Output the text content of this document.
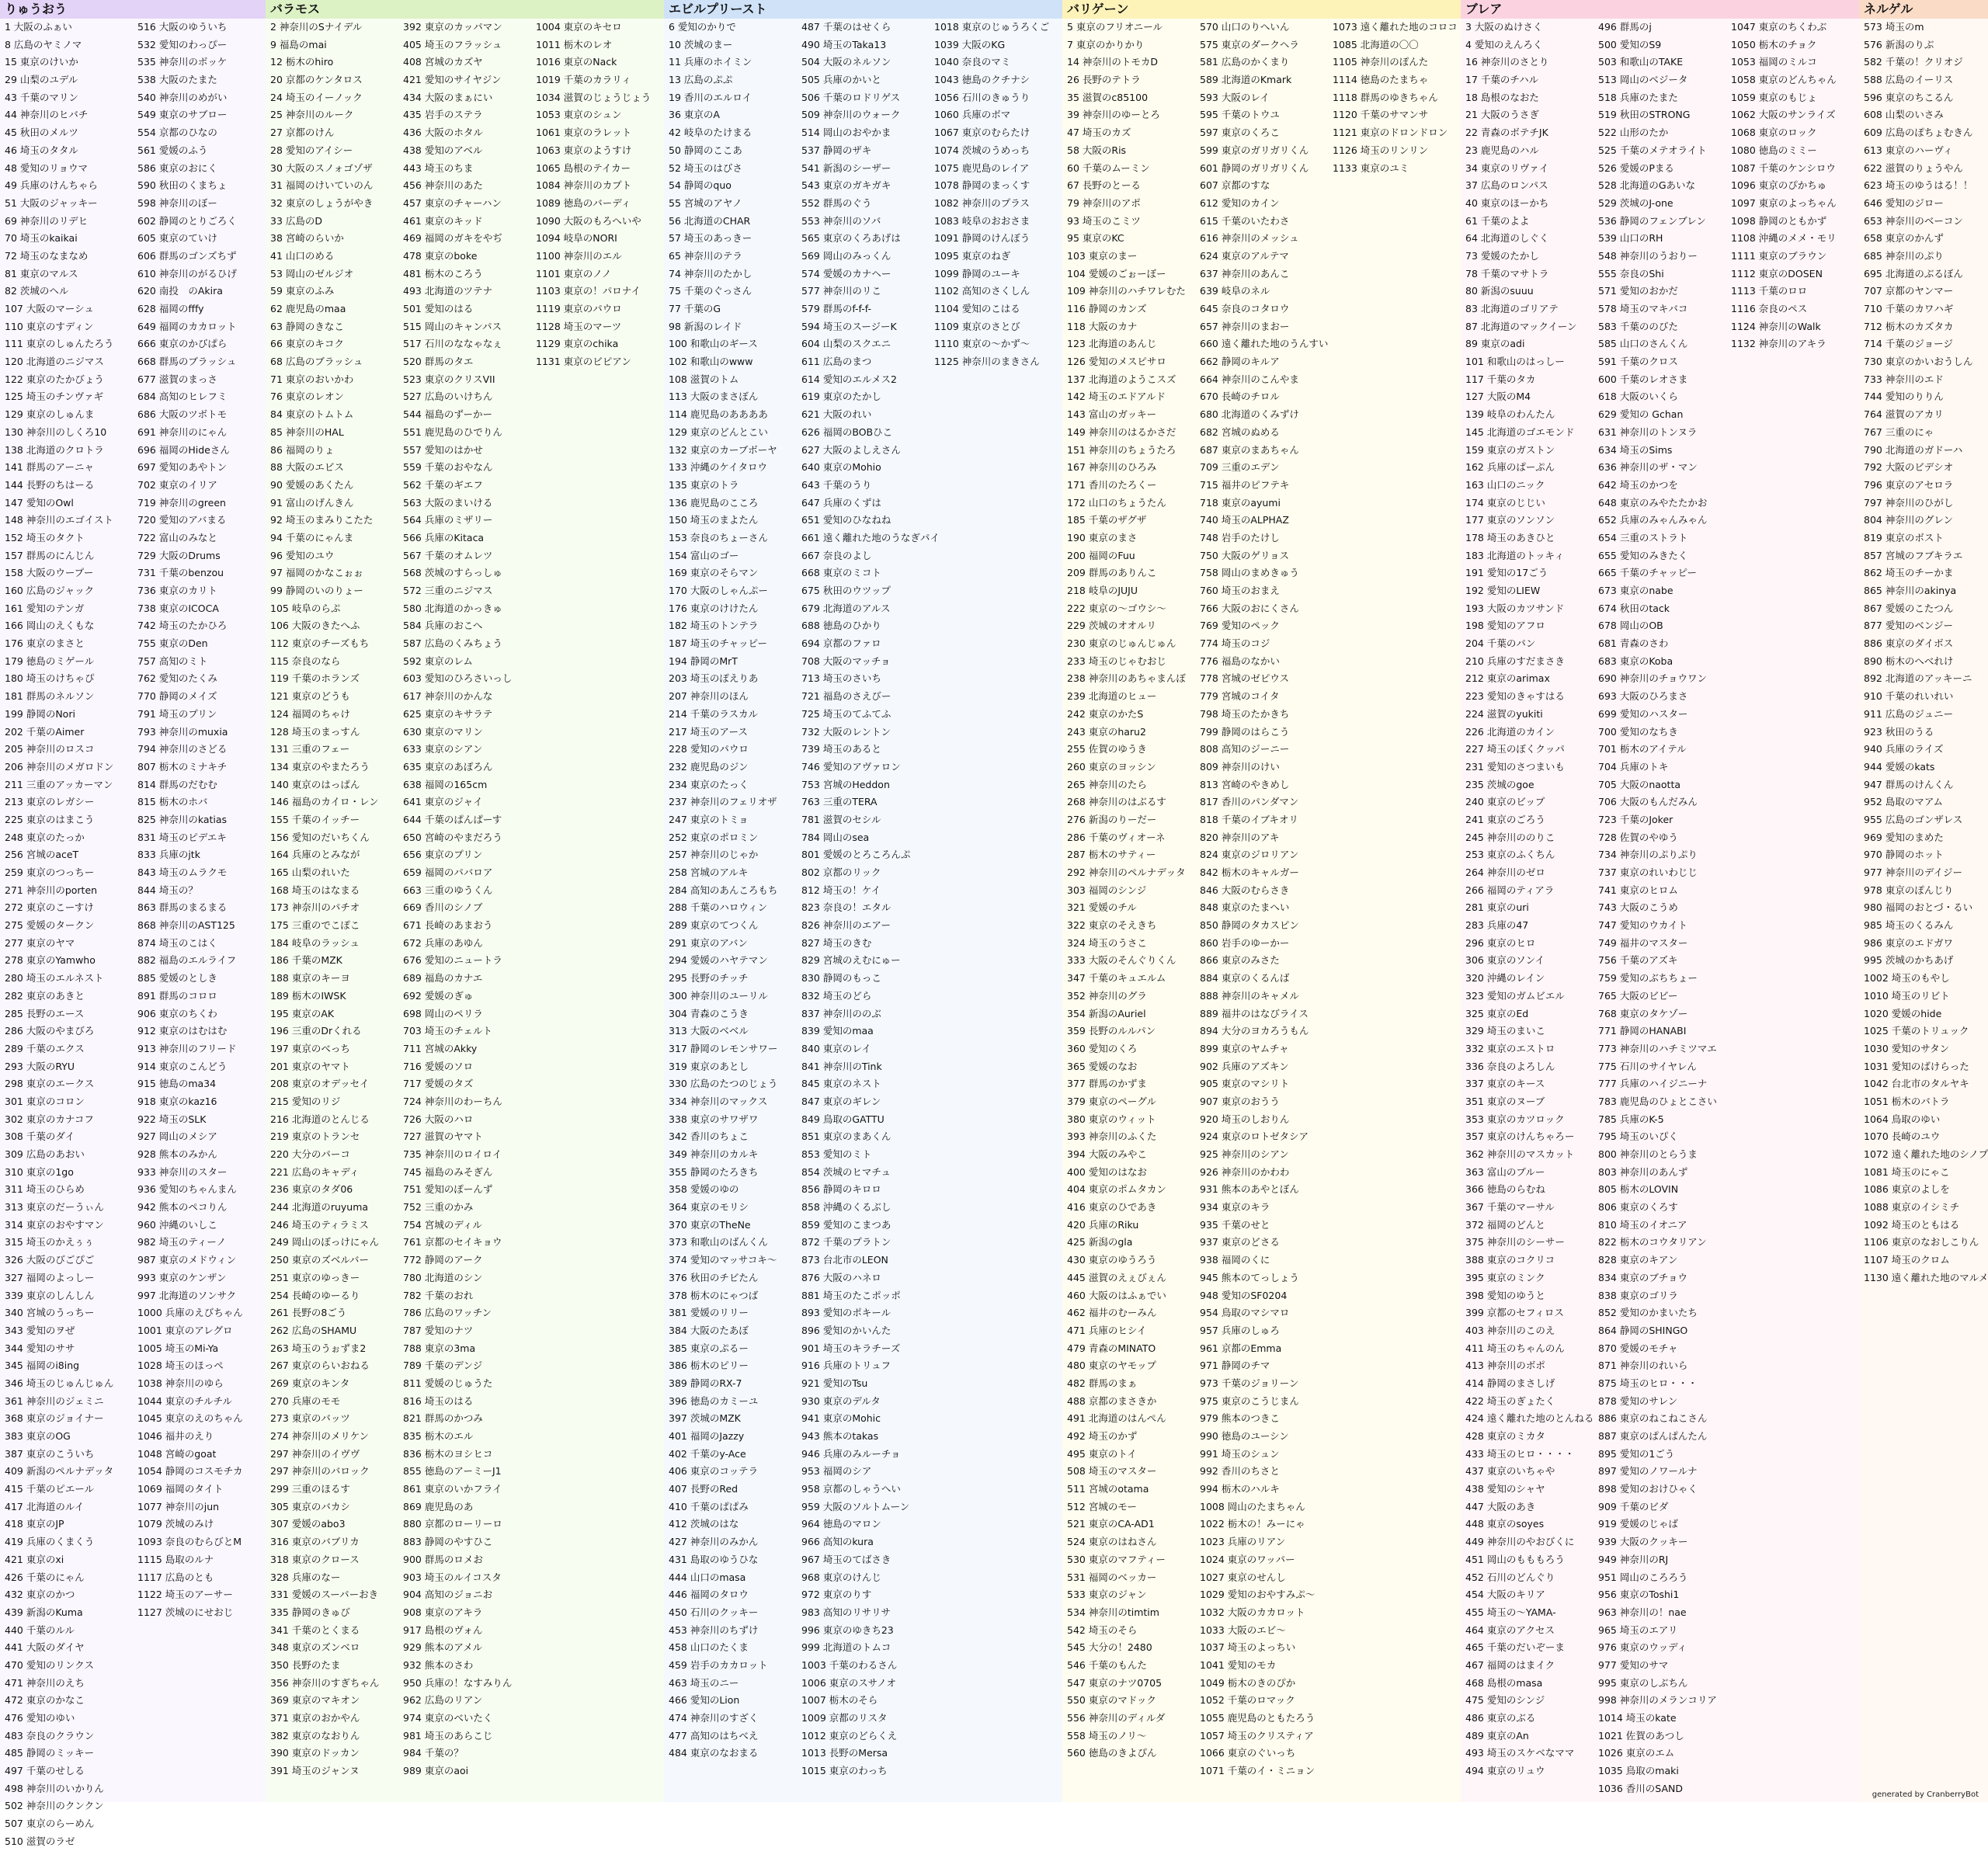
りゅうおう
1 大阪のふぁい
8 広島のヤミノマ
15 東京のけいか
29 山梨のユデル
43 千葉のマリン
44 神奈川のヒバチ
45 秋田のメルツ
46 埼玉のタタル
48 愛知のリョウマ
49 兵庫のけんちゃら
51 大阪のジャッキー
69 神奈川のリデヒ
70 埼玉のkaikai
72 埼玉のなまなめ
81 東京のマルス
82 茨城のヘル
107 大阪のマーシュ
110 東京のすディン
111 東京のしゅんたろう
120 北海道のニジマス
122 東京のたかびょう
125 埼玉のチンヴァギ
129 東京のしゅんま
130 神奈川のしくろ10
138 北海道のクロトラ
141 群馬のアーニャ
144 長野のちはーる
147 愛知のOwl
148 神奈川のエゴイスト
152 埼玉のタクト
157 群馬のにんじん
158 大阪のウープー
160 広島のジャック
161 愛知のテンガ
166 岡山のえくもな
176 東京のまさと
179 徳島のミゲール
180 埼玉のけちゃぴ
181 群馬のネルソン
199 静岡のNori
202 千葉のAimer
205 神奈川のロスコ
206 神奈川のメガロドン
211 三重のアッカーマン
213 東京のレガシー
225 東京のはまこう
248 東京のたっか
256 宮城のaceT
259 東京のつっちー
271 神奈川のporten
272 東京のこーすけ
275 愛媛のタークン
277 東京のヤマ
278 東京のYamwho
280 埼玉のエルネスト
282 東京のあきと
285 長野のエース
286 大阪のやまびろ
289 千葉のエクス
293 大阪のRYU
298 東京のエークス
301 東京のコロン
302 東京のカナコフ
308 千葉のダイ
309 広島のあおい
310 東京の1go
311 埼玉のひらめ
313 東京のだーうぃん
314 東京のおやすマン
315 埼玉のかえぅぅ
326 大阪のびごぴご
327 福岡のよっしー
339 東京のしんしん
340 宮城のうっちー
343 愛知のヲぜ
344 愛知のササ
345 福岡のi8ing
346 埼玉のじゅんじゅん
361 神奈川のジェミニ
368 東京のジョイナー
383 東京のOG
387 東京のこういち
409 新潟のペルナデッタ
415 千葉のピエール
417 北海道のルイ
418 東京のJP
419 兵庫のくまくう
421 東京のxi
426 千葉のにゃん
432 東京のかつ
439 新潟のKuma
440 千葉のルル
441 大阪のダイヤ
470 愛知のリンクス
471 神奈川のえち
472 東京のかなこ
476 愛知のゆい
483 奈良のクラウン
485 静岡のミッキー
497 千葉のせしる
498 神奈川のいかりん
502 神奈川のクンクン
507 東京のらーめん
510 滋賀のラゼ
516 大阪のゆういち
532 愛知のわっぴー
535 神奈川のボッケ
538 大阪のたまた
540 神奈川のめがい
549 東京のサブロー
554 京都のひなの
561 愛媛のふう
586 東京のおにく
590 秋田のくまちょ
598 神奈川のぼー
602 静岡のとりごろく
605 東京のていけ
606 群馬のゴンズちず
610 神奈川のがるひげ
620 南投　のAkira
628 福岡のfffy
649 福岡のカカロット
666 東京のかびぱら
668 群馬のブラッシュ
677 滋賀のまっさ
684 高知のヒレフミ
686 大阪のツボトモ
691 神奈川のにゃん
696 福岡のHideさん
697 愛知のあやトン
702 東京のイリア
719 神奈川のgreen
720 愛知のアバまる
722 富山のみなと
729 大阪のDrums
731 千葉のbenzou
736 東京のカリト
738 東京のICOCA
742 埼玉のたかひろ
755 東京のDen
757 高知のミト
762 愛知のたくみ
770 静岡のメイズ
791 埼玉のプリン
793 神奈川のmuxia
794 神奈川のさどる
807 栃木のミナキチ
814 群馬のだむむ
815 栃木のホバ
825 神奈川のkatias
831 埼玉のピデエキ
833 兵庫のjtk
843 埼玉のムラクモ
844 埼玉の？
863 群馬のまるまる
868 神奈川のAST125
874 埼玉のこはく
882 福島のエルライフ
885 愛媛のとしき
891 群馬のコロロ
906 東京のちくわ
912 東京のはむはむ
913 神奈川のフリード
914 東京のこんどう
915 徳島のma34
918 東京のkaz16
922 埼玉のSLK
927 岡山のメシア
928 熊本のみかん
933 神奈川のスター
936 愛知のちゃんまん
942 熊本のペコりん
960 沖縄のいしこ
982 埼玉のティーノ
987 東京のメドウィン
993 東京のケンザン
997 北海道のソンサク
1000 兵庫のえびちゃん
1001 東京のアレグロ
1005 埼玉のMi-Ya
1028 埼玉のほっぺ
1038 神奈川のゆら
1044 東京のチルチル
1045 東京のえのちゃん
1046 福井のえり
1048 宮崎のgoat
1054 静岡のコスモチカ
1069 福岡のタイト
1077 神奈川のjun
1079 茨城のみけ
1093 奈良のむらびとM
1115 島取のルナ
1117 広島のとも
1122 埼玉のアーサー
1127 茨城のにせおじ
バラモス
2 神奈川のSナイデル
9 福島のmai
12 栃木のhiro
20 京都のケンタロス
24 埼玉のイーノック
25 神奈川のルーク
27 京都のけん
28 愛知のアイシー
30 大阪のスノォゴゾザ
31 福岡のけいていのん
32 東京のしょうがやき
33 広島のD
38 宮崎のらいか
41 山口のめる
53 岡山のゼルジオ
59 東京のふみ
62 鹿児島のmaa
63 静岡のきなこ
66 東京のキコク
68 広島のブラッシュ
71 東京のおいかわ
76 東京のレオン
84 東京のトムトム
85 神奈川のHAL
86 福岡のりょ
88 大阪のエビス
90 愛媛のあくたん
91 富山のげんきん
92 埼玉のまみりこたた
94 千葉のにゃんま
96 愛知のユウ
97 福岡のかなこぉぉ
99 静岡のいのりょー
105 岐阜のらぷ
106 大阪のきたへふ
112 東京のチーズもち
115 奈良のなら
119 千葉のホランズ
121 東京のどうも
124 福岡のちゃけ
128 埼玉のまっすん
131 三重のフェー
134 東京のやまたろう
140 東京のはっぱん
146 福島のカイロ・レン
155 千葉のイッチー
156 愛知のだいちくん
164 兵庫のとみなが
165 山梨のれいた
168 埼玉のはなまる
173 神奈川のパチオ
175 三重のでこぽこ
184 岐阜のラッシュ
186 千葉のMZK
188 東京のキーヨ
189 栃木のIWSK
195 東京のAK
196 三重のDrくれる
197 東京のべっち
201 東京のヤマト
208 東京のオデッセイ
215 愛知のリジ
216 北海道のとんじる
219 東京のトランセ
220 大分のパーコ
221 広島のキャディ
236 東京のタダ06
244 北海道のruyuma
246 埼玉のティラミス
249 岡山のぼっけにゃん
250 東京のズベルバー
251 東京のゆっきー
254 長崎のゆーるり
261 長野の8ごう
262 広島のSHAMU
263 埼玉のうぉずま2
267 東京のらいおねる
269 東京のキンタ
270 兵庫のモモ
273 東京のバッツ
274 神奈川のメリケン
297 神奈川のイヴヴ
297 神奈川のバロック
299 三重のほるす
305 東京のバカシ
307 愛媛のabo3
316 東京のバブリカ
318 東京のクロース
328 兵庫のなー
331 愛媛のスーパーおき
335 静岡のきゅび
341 千葉のとくまる
348 東京のズンベロ
350 長野のたま
356 神奈川のすぎちゃん
369 東京のマキオン
371 東京のおかやん
382 東京のなおりん
390 東京のドッカン
391 埼玉のジャンヌ
392 東京のカッパマン
405 埼玉のフラッシュ
408 宮城のカズヤ
421 愛知のサイヤジン
434 大阪のまぁにい
435 岩手のステラ
436 大阪のホタル
438 愛知のアベル
443 埼玉のちま
456 神奈川のあた
457 東京のチャーハン
461 東京のキッド
469 福岡のガキをやぢ
478 東京のboke
481 栃木のころう
493 北海道のツテナ
501 愛知のはる
515 岡山のキャンパス
517 石川のななゃなぇ
520 群馬のタエ
523 東京のクリスVII
527 広島のいけちん
544 福島のずーかー
551 鹿児島のひでりん
557 愛知のはかせ
559 千葉のおやなん
562 千葉のギエフ
563 大阪のまいける
564 兵庫のミザリー
566 兵庫のKitaca
567 千葉のオムレツ
568 茨城のすらっしゅ
572 三重のニジマス
580 北海道のかっきゅ
584 兵庫のおこへ
587 広島のくみちょう
592 東京のレム
603 愛知のひろさいっし
617 神奈川のかんな
625 東京のキサラテ
630 東京のマリン
633 東京のシアン
635 東京のあぽろん
638 福岡の165cm
641 東京のジャイ
644 千葉のぱんぱーす
650 宮崎のやまだろう
656 東京のプリン
659 福岡のパバロア
663 三重のゆうくん
669 香川のシノブ
671 長崎のあまおう
672 兵庫のあゆん
676 愛知のニュートラ
689 福島のカナエ
692 愛媛のぎゅ
698 岡山のペリラ
703 埼玉のチェルト
711 宮城のAkky
716 愛媛のソロ
717 愛媛のタズ
724 神奈川のわーちん
726 大阪のハロ
727 滋賀のヤマト
735 神奈川のロイロイ
745 福島のみそぎん
751 愛知のぽーんず
752 三重のかみ
754 宮城のディル
761 京都のセイキョウ
772 静岡のアーク
780 北海道のシン
782 千葉のおれ
786 広島のワッチン
787 愛知のナツ
788 東京の3ma
789 千葉のデンジ
811 愛媛のじゅうた
816 埼玉のはる
821 群馬のかつみ
835 栃木のエル
836 栃木のヨシヒコ
855 徳島のアーミーJ1
861 東京のいかフライ
869 鹿児島のあ
880 京都のローリーロ
883 静岡のやすひこ
900 群馬のロメお
903 埼玉のルイコスタ
904 高知のジョニお
908 東京のアキラ
917 島根のヴォん
929 熊本のアメル
932 熊本のさわ
950 兵庫の！なすみりん
962 広島のリアン
974 東京のべいたく
981 埼玉のあらこじ
984 千葉の？
989 東京のaoi
1004 東京のキセロ
1011 栃木のレオ
1016 東京のNack
1019 千葉のカラリィ
1034 滋賀のじょうじょう
1053 東京のシュン
1061 東京のラレット
1063 東京のようすけ
1065 島根のテイカー
1084 神奈川のカプト
1089 徳島のバーディ
1090 大阪のもろへいや
1094 岐阜のNORI
1100 神奈川のエル
1101 東京のノノ
1103 東京の！パロナイ
1119 東京のパウロ
1128 埼玉のマーツ
1129 東京のchika
1131 東京のビピアン
エビルプリースト
6 愛知のかりで
10 茨城のまー
11 兵庫のホイミン
13 広島のぷぷ
19 香川のエルロイ
36 東京のA
42 岐阜のたけまる
50 静岡のここあ
52 埼玉のはびさ
54 静岡のquo
55 宮城のアヤノ
56 北海道のCHAR
57 埼玉のあっきー
65 神奈川のテラ
74 神奈川のたかし
75 千葉のぐっさん
77 千葉のG
98 新潟のレイド
100 和歌山のギース
102 和歌山のwww
108 滋賀のトム
113 大阪のまさぼん
114 鹿児島のああああ
129 東京のどんとこい
132 東京のカーブボーヤ
133 沖縄のケイタロウ
135 東京のトラ
136 鹿児島のこころ
150 埼玉のまよたん
153 奈良のちょーさん
154 富山のゴー
169 東京のそらマン
170 大阪のしゃんぷー
176 東京のけけたん
182 埼玉のトンテラ
187 埼玉のチャッピー
194 静岡のMrT
203 埼玉のぽえりあ
207 神奈川のほん
214 千葉のラスカル
217 埼玉のアース
228 愛知のパウロ
232 鹿児島のジン
234 東京のたっく
237 神奈川のフェリオザ
247 東京のトミョ
252 東京のポロミン
257 神奈川のじゃか
258 宮城のアルキ
284 高知のあんころもち
288 千葉のハロウィン
289 東京のてつくん
291 東京のアバン
294 愛媛のハヤテマン
295 長野のチッチ
300 神奈川のユーリル
304 青森のこうき
313 大阪のベベル
317 静岡のレモンサワー
319 東京のあとし
330 広島のたつのじょう
334 神奈川のマックス
338 東京のサワザワ
342 香川のちょこ
349 神奈川のカルキ
355 静岡のたろきち
358 愛媛のゆの
364 東京のモリシ
370 東京のTheNe
373 和歌山のばんくん
374 愛知のマッサコキ〜
376 秋田のチビたん
378 栃木のにゃつば
381 愛媛のリリー
384 大阪のたあぼ
385 東京のぷるー
386 栃木のピリー
389 静岡のRX-7
396 徳島のカミーユ
397 茨城のMZK
401 福岡のJazzy
402 千葉のy-Ace
406 東京のコッテラ
407 長野のRed
410 千葉のぱぱみ
412 茨城のはな
427 神奈川のみかん
431 島取のゆうひな
444 山口のmasa
446 福岡のタロウ
450 石川のクッキー
453 神奈川のちずけ
458 山口のたくま
459 岩手のカカロット
463 埼玉のニー
466 愛知のLion
474 神奈川のすざく
477 高知のはちべえ
484 東京のなおまる
487 千葉のはせくら
490 埼玉のTaka13
504 大阪のネルソン
505 兵庫のかいと
506 千葉のロドリゲス
509 神奈川のウォーク
514 岡山のおやかま
537 静岡のザキ
541 新潟のシーザー
543 東京のガキガキ
552 群馬のぐう
553 神奈川のソバ
565 東京のくろあげは
569 岡山のみっくん
574 愛媛のカナヘー
577 神奈川のリこ
579 群馬のf-f-f-
594 埼玉のスージーK
604 山梨のスクエニ
611 広島のまつ
614 愛知のエルメス2
619 東京のたかし
621 大阪のれい
626 福岡のBOBひこ
627 大阪のよしえさん
640 東京のMohio
643 千葉のうり
647 兵庫のくずは
651 愛知のひなねね
661 遠く離れた地のうなぎパイ
667 奈良のよし
668 東京のミコト
675 秋田のウツップ
679 北海道のアルス
688 徳島のひかり
694 京都のファロ
708 大阪のマッチョ
713 埼玉のさいち
721 福島のさえびー
725 埼玉のてふてふ
732 大阪のレントン
739 埼玉のあると
746 愛知のアヴァロン
753 宮城のHeddon
763 三重のTERA
781 滋賀のセシル
784 岡山のsea
801 愛媛のとろころんぷ
802 京都のリック
812 埼玉の！ケイ
823 奈良の！エタル
826 神奈川のエアー
827 埼玉のきむ
829 宮城のえむにゅー
830 静岡のもっこ
832 埼玉のどら
837 神奈川ののぶ
839 愛知のmaa
840 東京のレイ
841 神奈川のTink
845 東京のネスト
847 東京のギレン
849 鳥取のGATTU
851 東京のまあくん
853 愛知のミト
854 茨城のヒマチュ
856 静岡のキロロ
858 沖縄のくるぶし
859 愛知のこまつあ
872 千葉のプラトン
873 台北市のLEON
876 大阪のハネロ
881 埼玉のたこポッポ
893 愛知のポキール
896 愛知のかいんた
901 埼玉のキラチーズ
916 兵庫のトリュフ
921 愛知のTsu
930 東京のデルタ
941 東京のMohic
943 熊本のtakas
946 兵庫のみルーチョ
953 福岡のシア
958 京都のしゃうへい
959 大阪のソルトムーン
964 徳島のマロン
966 高知のkura
967 埼玉のてばさき
968 東京のけんじ
972 東京のりす
983 高知のリサリサ
996 東京のゆきち23
999 北海道のトムコ
1003 千葉のわるさん
1006 東京のスサノオ
1007 栃木のそら
1009 京都のリスタ
1012 東京のどらくえ
1013 長野のMersa
1015 東京のわっち
1018 東京のじゅうろくご
1039 大阪のKG
1040 奈良のマミ
1043 徳島のクチナシ
1056 石川のきゅうり
1060 兵庫のボマ
1067 東京のむらたけ
1074 茨城のうめっち
1075 鹿児島のレイア
1078 静岡のまっくす
1082 神奈川のプラス
1083 岐阜のおおさま
1091 静岡のけんぼう
1095 東京のねぎ
1099 静岡のユーキ
1102 高知のさくしん
1104 愛知のこはる
1109 東京のさとび
1110 東京の〜かず〜
1125 神奈川のまきさん
バリゲーン
5 東京のフリオニール
7 東京のかりかり
14 神奈川のトモカD
26 長野のテトラ
35 滋賀のc85100
39 神奈川のゆーとろ
47 埼玉のカズ
58 大阪のRis
60 千葉のムーミン
67 長野のとーる
79 神奈川のアポ
93 埼玉のこミツ
95 東京のKC
103 東京のまー
104 愛媛のごぉーぼー
109 神奈川のハチワレむた
116 静岡のカンズ
118 大阪のカナ
123 北海道のあんじ
126 愛知のメスピサロ
137 北海道のようこスズ
142 埼玉のエドアルド
143 富山のガッキー
149 神奈川のはるかさだ
151 神奈川のちょうたろ
167 神奈川のひろみ
171 香川のたろくー
172 山口のちょうたん
185 千葉のザグザ
190 東京のまさ
200 福岡のFuu
209 群馬のありんこ
218 岐阜のJUJU
222 東京の〜ゴウシ〜
229 茨城のオオルリ
230 東京のじゅんじゅん
233 埼玉のじゃむおじ
238 神奈川のあちゃまんぼ
239 北海道のヒュー
242 東京のかたS
243 東京のharu2
255 佐賀のゆうき
260 東京のヨッシン
265 神奈川のたら
268 神奈川のはぶるす
276 新潟のりーだー
286 千葉のヴィオーネ
287 栃木のサティー
292 神奈川のペルナデッタ
303 福岡のシンジ
321 愛媛のチル
322 東京のそえきち
324 埼玉のうさこ
333 大阪のそんぐりくん
347 千葉のキュエルム
352 神奈川のグラ
354 新潟のAuriel
359 長野のルルパン
360 愛知のくろ
365 愛媛のなお
377 群馬のかずま
379 東京のペーグル
380 東京のウィット
393 神奈川のふくた
394 大阪のみやこ
400 愛知のはなお
404 東京のポムタカン
416 東京のひであき
420 兵庫のRiku
425 新潟のgla
430 東京のゆうろう
445 滋賀のえぇびぇん
460 大阪のはふぁでい
462 福井のむーみん
471 兵庫のヒシイ
479 青森のMINATO
480 東京のヤモップ
482 群馬のまぁ
488 京都のまさきか
491 北海道のはんぺん
492 埼玉のかず
495 東京のトイ
508 埼玉のマスター
511 宮城のotama
512 宮城のモー
521 東京のCA-AD1
524 東京のはねさん
530 東京のマフティー
531 福岡のベッカー
533 東京のジャン
534 神奈川のtimtim
542 埼玉のそら
545 大分の！2480
546 千葉のもんた
547 東京のナツ0705
550 東京のマドック
556 神奈川のディルダ
558 埼玉のノリ〜
560 徳島のきよぴん
570 山口のりへいん
575 東京のダークヘラ
581 広島のかくまり
589 北海道のKmark
593 大阪のレイ
595 千葉のトウユ
597 東京のくろこ
599 東京のガリガリくん
601 静岡のガリガリくん
607 京都のすな
612 愛知のカイン
615 千葉のいたわさ
616 神奈川のメッシュ
624 東京のアルテマ
637 神奈川のあんこ
639 岐阜のネル
645 奈良のコタロウ
657 神奈川のまおー
660 遠く離れた地のうんすい
662 静岡のキルア
664 神奈川のこんやま
670 長崎のチロル
680 北海道のくみずけ
682 宮城のぬめる
687 東京のまあちゃん
709 三重のエデン
715 福井のピフテキ
718 東京のayumi
740 埼玉のALPHAZ
748 岩手のたけし
750 大阪のゲリョス
758 岡山のまめきゅう
760 埼玉のおまえ
766 大阪のおにくさん
769 愛知のペック
774 埼玉のコジ
776 福島のなかい
778 宮城のゼピウス
779 宮城のコイタ
798 埼玉のたかきち
799 静岡のはらこう
808 高知のジーニー
809 神奈川のけい
813 宮崎のやきめし
817 香川のパンダマン
818 千葉のイブキオリ
820 神奈川のアキ
824 東京のジロリアン
842 栃木のキャルガー
846 大阪のむらさき
848 東京のたまへい
850 静岡のタカスピン
860 岩手のゆーかー
866 東京のみさた
884 東京のくるんば
888 神奈川のキャメル
889 福井のはなびライス
894 大分のヨカろうもん
899 東京のヤムチャ
902 兵庫のアズキン
905 東京のマシリト
907 東京のおうう
920 埼玉のしおりん
924 東京のロトゼタシア
925 神奈川のシアン
926 神奈川のかわわ
931 熊本のあやとぼん
934 東京のキラ
935 千葉のせと
937 東京のどさる
938 福岡のくに
945 熊本のてっしょう
948 愛知のSF0204
954 鳥取のマシマロ
957 兵庫のしゅろ
961 京都のEmma
971 静岡のチマ
973 千葉のジョリーン
975 東京のこうじまん
979 熊本のつきこ
990 徳島のユーシン
991 埼玉のシュン
992 香川のちさと
994 栃木のハルキ
1008 岡山のたまちゃん
1022 栃木の！みーにゃ
1023 兵庫のリアン
1024 東京のワッパー
1027 東京のせんし
1029 愛知のおやすみぷ〜
1032 大阪のカカロット
1033 大阪のエビ〜
1037 埼玉のよっちい
1041 愛知のモカ
1049 栃木のきのぴか
1052 千葉のロマック
1055 鹿児島のともたろう
1057 埼玉のクリスティア
1066 東京のぐいっち
1071 千葉のイ・ミニョン
1073 遠く離れた地のコロコ
1085 北海道の〇〇
1105 神奈川のぽんた
1114 徳島のたまちゃ
1118 群馬のゆきちゃん
1120 千葉のサマンサ
1121 東京のドロンドロン
1126 埼玉のリンリン
1133 東京のユミ
ブレア
3 大阪のぬけさく
4 愛知のえんろく
16 神奈川のさとり
17 千葉のチハル
18 島根のなおた
21 大阪のうさぎ
22 青森のボテチJK
23 鹿児島のハル
34 東京のリヴァイ
37 広島のロンパス
40 東京のほーかち
61 千葉のよよ
64 北海道のしぐく
73 愛媛のたかし
78 千葉のマサトラ
80 新潟のsuuu
83 北海道のゴリアテ
87 北海道のマックイーン
89 東京のadi
101 和歌山のはっしー
117 千葉のタカ
127 大阪のM4
139 岐阜のわんたん
145 北海道のゴエモンド
159 東京のガストン
162 兵庫のぱーぷん
163 山口のニック
174 東京のじじい
177 東京のソンソン
178 埼玉のあきひと
183 北海道のトッキィ
191 愛知の17ごう
192 愛知のLIEW
193 大阪のカツサンド
198 愛知のアフロ
204 千葉のパン
210 兵庫のすだまさき
212 東京のarimax
223 愛知のきゃすはる
224 滋賀のyukiti
226 北海道のカイン
227 埼玉のぼくクッパ
231 愛知のさつまいも
235 茨城のgoe
240 東京のビップ
241 東京のごろう
245 神奈川ののりこ
253 東京のふくちん
264 神奈川のゼロ
266 福岡のティアラ
281 東京のuri
283 兵庫の47
296 東京のヒロ
306 東京のソンイ
320 沖縄のレイン
323 愛知のガムビエル
325 東京のEd
329 埼玉のまいこ
332 東京のエストロ
336 奈良のよろしん
337 東京のキース
351 東京のヌーブ
353 東京のカツロック
357 東京のけんちゃろー
362 神奈川のマスカット
363 富山のブルー
366 徳島のらむね
367 千葉のマーサル
372 福岡のどんと
375 神奈川のシーサー
388 東京のコクリコ
395 東京のミンク
398 愛知のゆうと
399 京都のセフィロス
403 神奈川のこのえ
411 埼玉のちゃんのん
413 神奈川のボポ
414 静岡のまさしげ
422 埼玉のぎょたく
424 遠く離れた地のとんねる
428 東京のミカタ
433 埼玉のヒロ・・・・
437 東京のいちゃや
438 愛知のシャヤ
447 大阪のあき
448 東京のsoyes
449 神奈川のやおびくに
451 岡山のもももろう
452 石川のどんぐり
454 大阪のキリア
455 埼玉の〜YAMA-
464 東京のアクセス
465 千葉のだいぞーま
467 福岡のはまイク
468 島根のmasa
475 愛知のシンジ
486 東京のぶる
489 東京のAn
493 埼玉のスケベなママ
494 東京のリュウ
496 群馬のj
500 愛知のS9
503 和歌山のTAKE
513 岡山のベジータ
518 兵庫のたまた
519 秋田のSTRONG
522 山形のたか
525 千葉のメテオライト
526 愛媛のPまる
528 北海道のGあいな
529 茨城のJ-one
536 静岡のフェンブレン
539 山口のRH
548 神奈川のうおりー
555 奈良のShi
571 愛知のおかだ
578 埼玉のマキバコ
583 千葉ののびた
585 山口のさんくん
591 千葉のクロス
600 千葉のレオさま
618 大阪のいくら
629 愛知の Gchan
631 神奈川のトンヌラ
634 埼玉のSims
636 神奈川のザ・マン
642 埼玉のかつを
648 東京のみやたたかお
652 兵庫のみゃんみゃん
654 三重のストラト
655 愛知のみきたく
665 千葉のチャッピー
673 東京のnabe
674 秋田のtack
678 岡山のOB
681 青森のさわ
683 東京のKoba
690 神奈川のチョウワン
693 大阪のひろまさ
699 愛知のハスター
700 愛知のなちき
701 栃木のアイテル
704 兵庫のトキ
705 大阪のnaotta
706 大阪のもんだみん
723 千葉のJoker
728 佐賀のやゆう
734 神奈川のぷりぷり
737 東京のれいわじじ
741 東京のヒロム
743 大阪のこうめ
747 愛知のウカイト
749 福井のマスター
756 千葉のアズキ
759 愛知のぶちちょー
765 大阪のビビー
768 東京のタケゾー
771 静岡のHANABI
773 神奈川のハチミツマエ
775 石川のサイヤレん
777 兵庫のハイジニーナ
783 鹿児島のひょとこさい
785 兵庫のK-5
795 埼玉のいぴく
800 神奈川のとらうま
803 神奈川のあんず
805 栃木のLOVIN
806 東京のくろす
810 埼玉のイオニア
822 栃木のコウタリアン
828 東京のキアン
834 東京のブチョウ
838 東京のゴリラ
852 愛知のかまいたち
864 静岡のSHINGO
870 愛媛のモチャ
871 神奈川のれいら
875 埼玉のヒロ・・・
878 愛知のサレン
886 東京のねこねこさん
887 東京のぱんぱんたん
895 愛知の1ごう
897 愛知のノワールナ
898 愛知のおけひゃく
909 千葉のビダ
919 愛媛のじゃば
939 大阪のクッキー
949 神奈川のRJ
951 岡山のころろう
956 東京のToshi1
963 神奈川の！nae
965 埼玉のエアリ
976 東京のウッディ
977 愛知のサマ
995 東京のしぶちん
998 神奈川のメランコリア
1014 埼玉のkate
1021 佐賀のあつし
1026 東京のエム
1035 鳥取のmaki
1036 香川のSAND
1047 東京のちくわぶ
1050 栃木のチョク
1053 福岡のミルコ
1058 東京のどんちゃん
1059 東京のもじょ
1062 大阪のサンライズ
1068 東京のロック
1080 徳島のミミー
1087 千葉のケンシロウ
1096 東京のぴかちゅ
1097 東京のよっちゃん
1098 静岡のともかず
1108 沖縄のメメ・モリ
1111 東京のブラウン
1112 東京のDOSEN
1113 千葉のロロ
1116 奈良のペス
1124 神奈川のWalk
1132 神奈川のアキラ
ネルゲル
573 埼玉のm
576 新潟のりぶ
582 千葉の！クリオジ
588 広島のイーリス
596 東京のちこるん
608 山梨のいさみ
609 広島のぽちょむきん
613 東京のハーヴィ
622 滋賀のりょうやん
623 埼玉のゆうはる！！
646 愛知のジロー
653 神奈川のベーコン
658 東京のかんず
685 神奈川のぷり
695 北海道のぶるぼん
707 京都のヤンマー
710 千葉のカワハギ
712 栃木のカズタカ
714 千葉のジョージ
730 東京のかいおうしん
733 神奈川のエド
744 愛知のりりん
764 滋賀のアカリ
767 三重のにゃ
790 北海道のガドーハ
792 大阪のビデシオ
796 東京のアセロラ
797 神奈川のひがし
804 神奈川のグレン
819 東京のボスト
857 宮城のフブキラエ
862 埼玉のチーかま
865 神奈川のakinya
867 愛媛のこたつん
877 愛知のベンジー
886 東京のダイボス
890 栃木のへべれけ
892 北海道のアッキーニ
910 千葉のれいれい
911 広島のジュニー
923 秋田のうる
940 兵庫のライズ
944 愛媛のkats
947 群馬のけんくん
952 島取のマアム
955 広島のゴンザレス
969 愛知のまめた
970 静岡のホット
977 神奈川のデイジー
978 東京のぽんじり
980 福岡のおとづ・るい
985 埼玉のくるみん
986 東京のエドガワ
995 茨城のかちあげ
1002 埼玉のもやし
1010 埼玉のリビト
1020 愛媛のhide
1025 千葉のトリュック
1030 愛知のサタン
1031 愛知のばけらった
1042 台北市のタルヤキ
1051 栃木のバトラ
1064 鳥取のゆい
1070 長崎のユウ
1072 遠く離れた地のシノプ
1081 埼玉のにゃこ
1086 東京のよしを
1088 東京のイシミチ
1092 埼玉のともはる
1106 東京のなおしこりん
1107 埼玉のクロム
1130 遠く離れた地のマルメ
generated by CranberryBot
